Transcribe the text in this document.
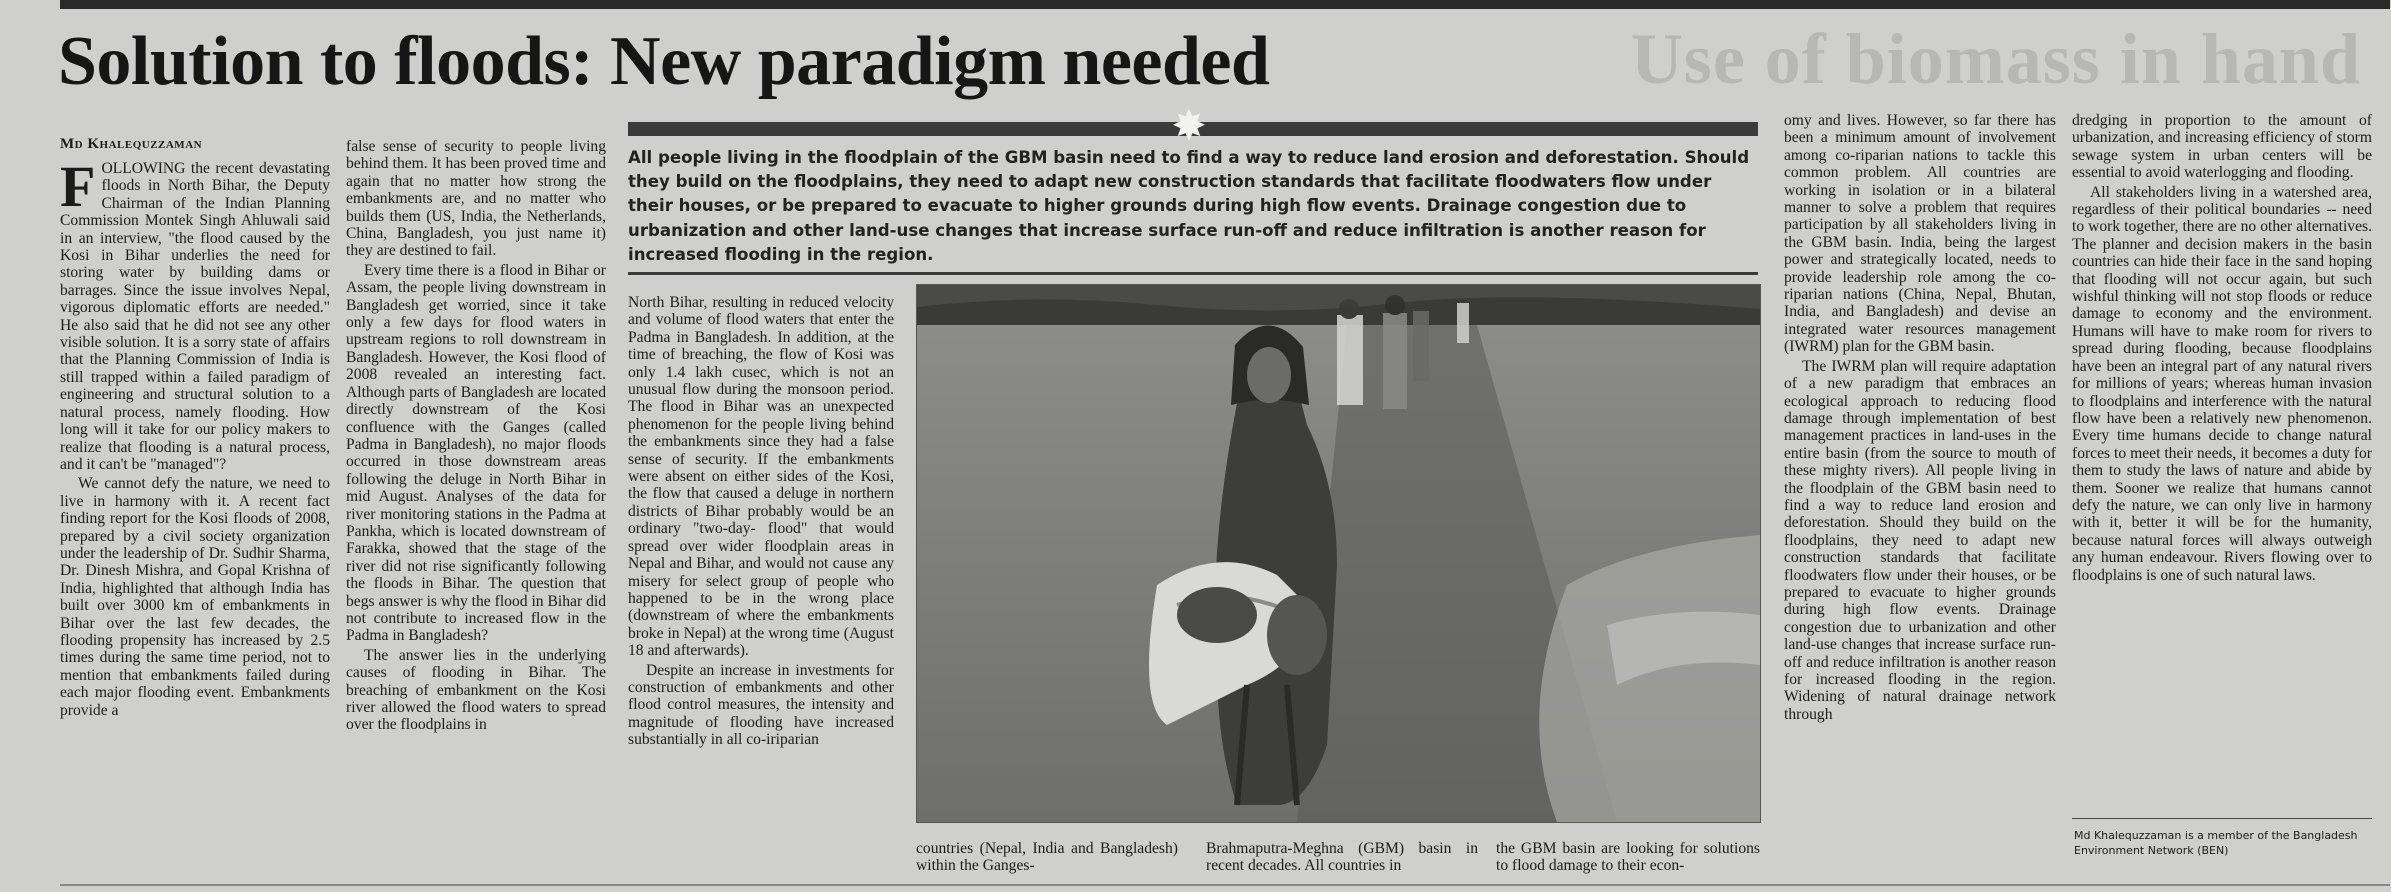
Use of biomass in hand
Solution to floods: New paradigm needed
Md Khalequzzaman

FOLLOWING the recent devastating floods in North Bihar, the Deputy Chairman of the Indian Planning Commission Montek Singh Ahluwali said in an interview, "the flood caused by the Kosi in Bihar underlies the need for storing water by building dams or barrages. Since the issue involves Nepal, vigorous diplomatic efforts are needed." He also said that he did not see any other visible solution. It is a sorry state of affairs that the Planning Commission of India is still trapped within a failed paradigm of engineering and structural solution to a natural process, namely flooding. How long will it take for our policy makers to realize that flooding is a natural process, and it can't be "managed"?

We cannot defy the nature, we need to live in harmony with it. A recent fact finding report for the Kosi floods of 2008, prepared by a civil society organization under the leadership of Dr. Sudhir Sharma, Dr. Dinesh Mishra, and Gopal Krishna of India, highlighted that although India has built over 3000 km of embankments in Bihar over the last few decades, the flooding propensity has increased by 2.5 times during the same time period, not to mention that embankments failed during each major flooding event. Embankments provide a

false sense of security to people living behind them. It has been proved time and again that no matter how strong the embankments are, and no matter who builds them (US, India, the Netherlands, China, Bangladesh, you just name it) they are destined to fail.

Every time there is a flood in Bihar or Assam, the people living downstream in Bangladesh get worried, since it take only a few days for flood waters in upstream regions to roll downstream in Bangladesh. However, the Kosi flood of 2008 revealed an interesting fact. Although parts of Bangladesh are located directly downstream of the Kosi confluence with the Ganges (called Padma in Bangladesh), no major floods occurred in those downstream areas following the deluge in North Bihar in mid August. Analyses of the data for river monitoring stations in the Padma at Pankha, which is located downstream of Farakka, showed that the stage of the river did not rise significantly following the floods in Bihar. The question that begs answer is why the flood in Bihar did not contribute to increased flow in the Padma in Bangladesh?

The answer lies in the underlying causes of flooding in Bihar. The breaching of embankment on the Kosi river allowed the flood waters to spread over the floodplains in

✸
All people living in the floodplain of the GBM basin need to find a way to reduce land erosion and deforestation. Should they build on the floodplains, they need to adapt new construction standards that facilitate floodwaters flow under their houses, or be prepared to evacuate to higher grounds during high flow events. Drainage congestion due to urbanization and other land-use changes that increase surface run-off and reduce infiltration is another reason for increased flooding in the region.

North Bihar, resulting in reduced velocity and volume of flood waters that enter the Padma in Bangladesh. In addition, at the time of breaching, the flow of Kosi was only 1.4 lakh cusec, which is not an unusual flow during the monsoon period. The flood in Bihar was an unexpected phenomenon for the people living behind the embankments since they had a false sense of security. If the embankments were absent on either sides of the Kosi, the flow that caused a deluge in northern districts of Bihar probably would be an ordinary "two-day- flood" that would spread over wider floodplain areas in Nepal and Bihar, and would not cause any misery for select group of people who happened to be in the wrong place (downstream of where the embankments broke in Nepal) at the wrong time (August 18 and afterwards).

Despite an increase in investments for construction of embankments and other flood control measures, the intensity and magnitude of flooding have increased substantially in all co-iriparian

countries (Nepal, India and Bangladesh) within the Ganges-

Brahmaputra-Meghna (GBM) basin in recent decades. All countries in

the GBM basin are looking for solutions to flood damage to their econ-

omy and lives. However, so far there has been a minimum amount of involvement among co-riparian nations to tackle this common problem. All countries are working in isolation or in a bilateral manner to solve a problem that requires participation by all stakeholders living in the GBM basin. India, being the largest power and strategically located, needs to provide leadership role among the co-riparian nations (China, Nepal, Bhutan, India, and Bangladesh) and devise an integrated water resources management (IWRM) plan for the GBM basin.

The IWRM plan will require adaptation of a new paradigm that embraces an ecological approach to reducing flood damage through implementation of best management practices in land-uses in the entire basin (from the source to mouth of these mighty rivers). All people living in the floodplain of the GBM basin need to find a way to reduce land erosion and deforestation. Should they build on the floodplains, they need to adapt new construction standards that facilitate floodwaters flow under their houses, or be prepared to evacuate to higher grounds during high flow events. Drainage congestion due to urbanization and other land-use changes that increase surface run-off and reduce infiltration is another reason for increased flooding in the region. Widening of natural drainage network through

dredging in proportion to the amount of urbanization, and increasing efficiency of storm sewage system in urban centers will be essential to avoid waterlogging and flooding.

All stakeholders living in a watershed area, regardless of their political boundaries -- need to work together, there are no other alternatives. The planner and decision makers in the basin countries can hide their face in the sand hoping that flooding will not occur again, but such wishful thinking will not stop floods or reduce damage to economy and the environment. Humans will have to make room for rivers to spread during flooding, because floodplains have been an integral part of any natural rivers for millions of years; whereas human invasion to floodplains and interference with the natural flow have been a relatively new phenomenon. Every time humans decide to change natural forces to meet their needs, it becomes a duty for them to study the laws of nature and abide by them. Sooner we realize that humans cannot defy the nature, we can only live in harmony with it, better it will be for the humanity, because natural forces will always outweigh any human endeavour. Rivers flowing over to floodplains is one of such natural laws.

Md Khalequzzaman is a member of the Bangladesh Environment Network (BEN)
